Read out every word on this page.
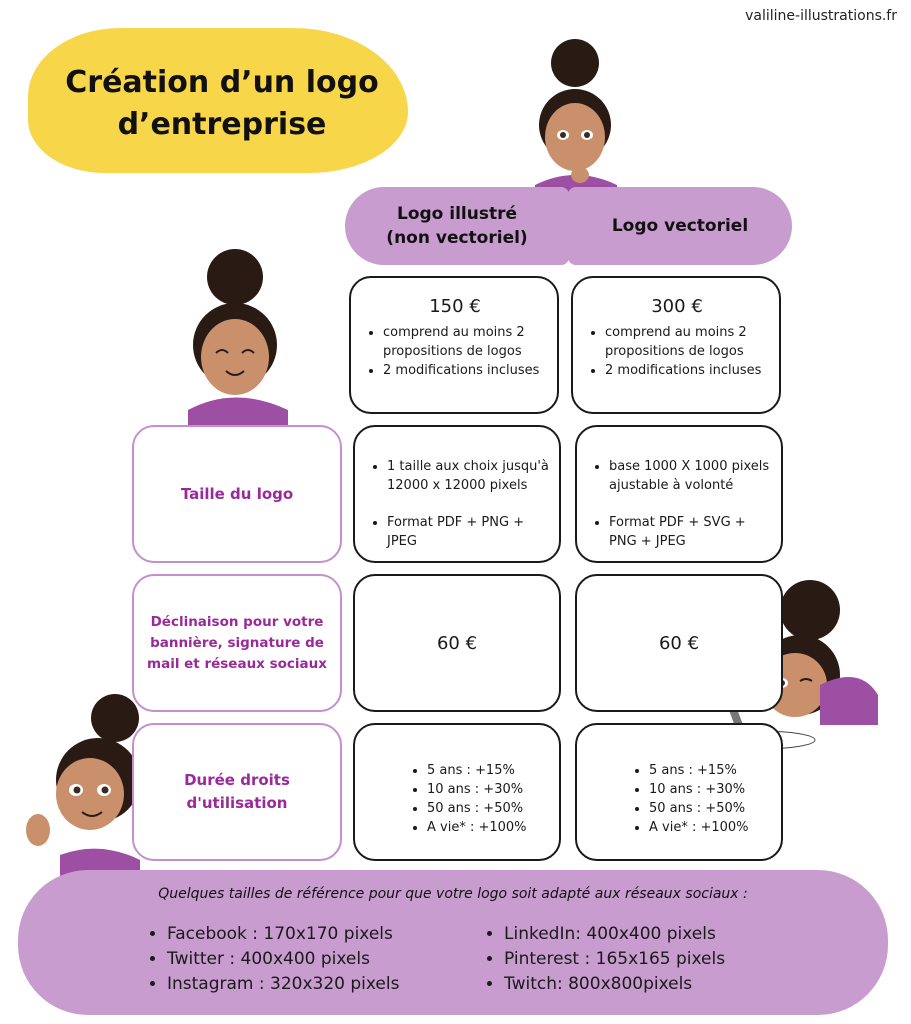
valiline-illustrations.fr
Création d’un logo
d’entreprise
Logo illustré
(non vectoriel)
Logo vectoriel
150 €
• comprend au moins 2 propositions de logos
• 2 modifications incluses
300 €
• comprend au moins 2 propositions de logos
• 2 modifications incluses
Taille du logo
• 1 taille aux choix jusqu'à 12000 x 12000 pixels
• Format PDF + PNG + JPEG
• base 1000 X 1000 pixels ajustable à volonté
• Format PDF + SVG + PNG + JPEG
Déclinaison pour votre bannière, signature de mail et réseaux sociaux
60 €	60 €
Durée droits d'utilisation
• 5 ans : +15%
• 10 ans : +30%
• 50 ans : +50%
• A vie* : +100%
• 5 ans : +15%
• 10 ans : +30%
• 50 ans : +50%
• A vie* : +100%
Quelques tailles de référence pour que votre logo soit adapté aux réseaux sociaux :
• Facebook : 170x170 pixels
• Twitter : 400x400 pixels
• Instagram : 320x320 pixels
• LinkedIn: 400x400 pixels
• Pinterest : 165x165 pixels
• Twitch: 800x800pixels
